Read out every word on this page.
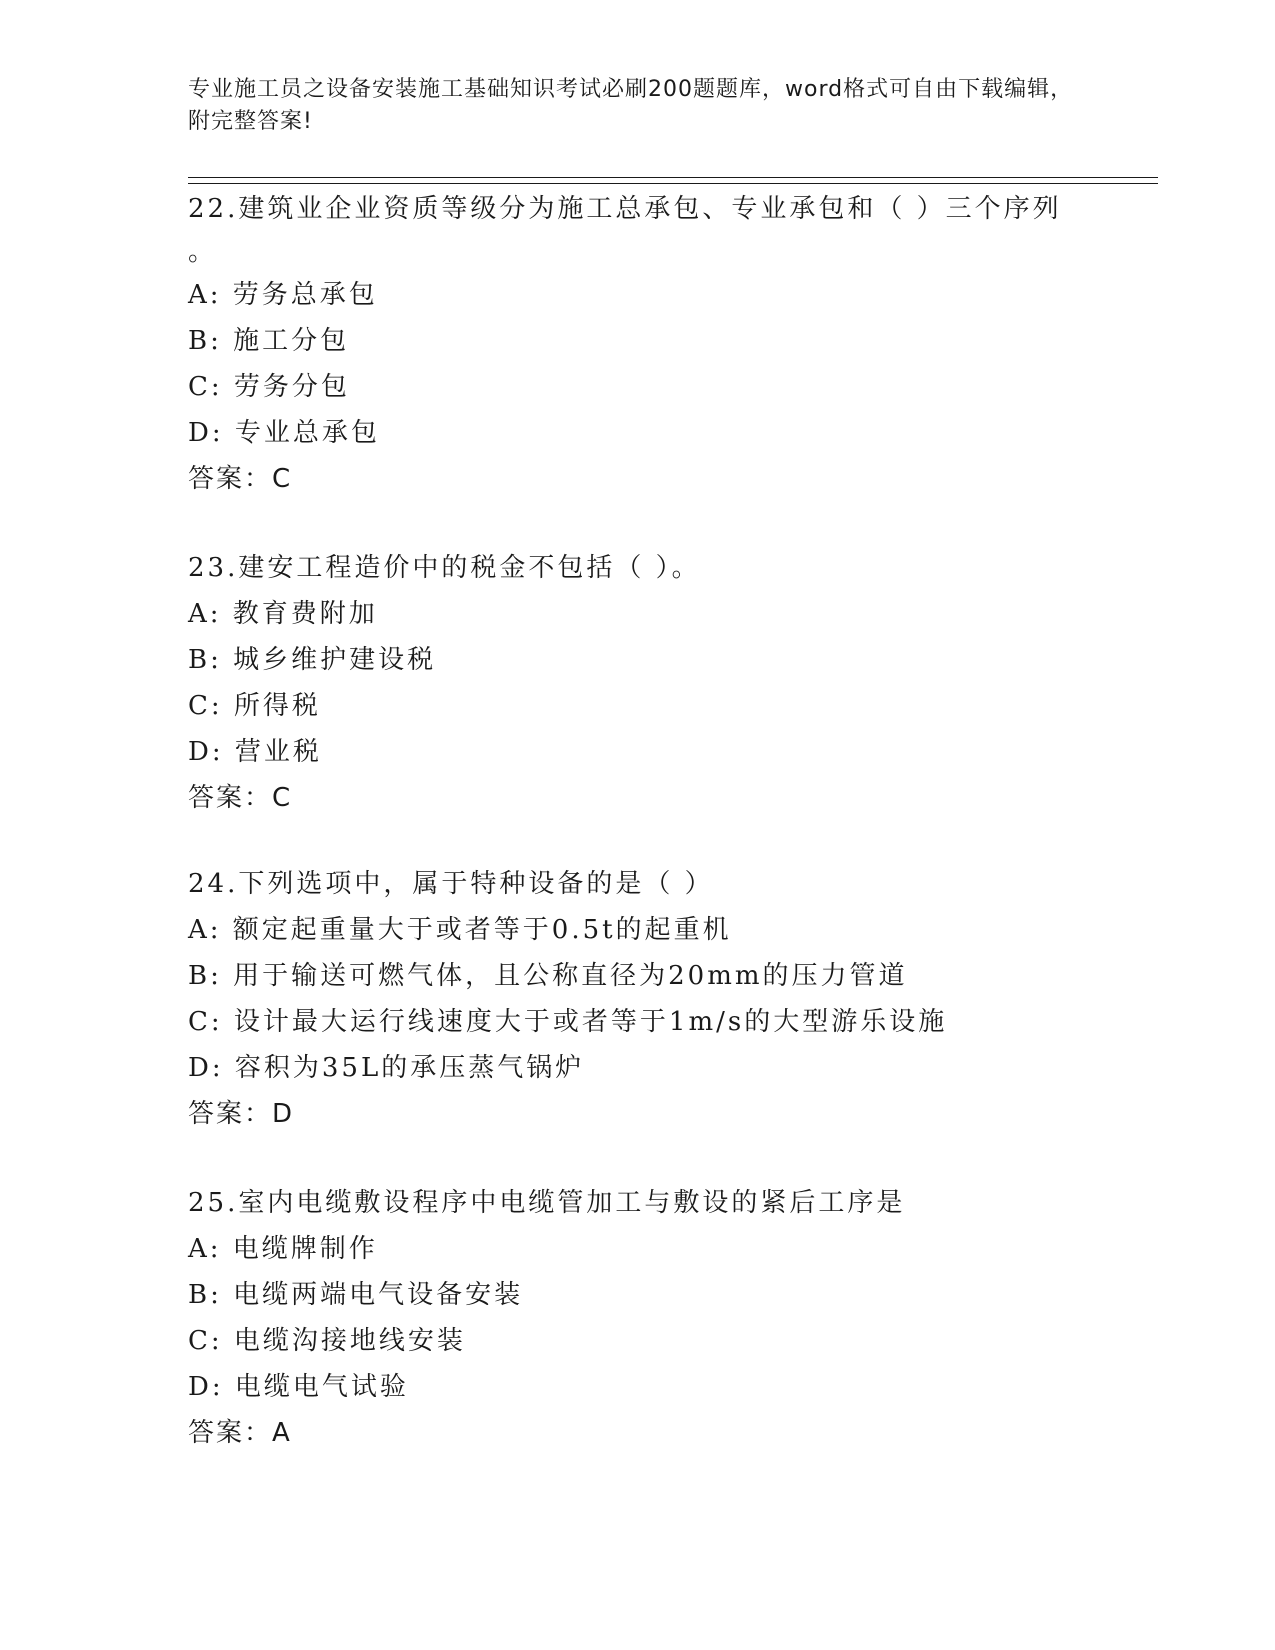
专业施工员之设备安装施工基础知识考试必刷200题题库，word格式可自由下载编辑，附完整答案!

22.建筑业企业资质等级分为施工总承包、专业承包和（ ）三个序列

。

A: 劳务总承包

B: 施工分包

C: 劳务分包

D: 专业总承包

答案：C

23.建安工程造价中的税金不包括（ ）。

A: 教育费附加

B: 城乡维护建设税

C: 所得税

D: 营业税

答案：C

24.下列选项中，属于特种设备的是（ ）

A: 额定起重量大于或者等于0.5t的起重机

B: 用于输送可燃气体，且公称直径为20mm的压力管道

C: 设计最大运行线速度大于或者等于1m/s的大型游乐设施

D: 容积为35L的承压蒸气锅炉

答案：D

25.室内电缆敷设程序中电缆管加工与敷设的紧后工序是

A: 电缆牌制作

B: 电缆两端电气设备安装

C: 电缆沟接地线安装

D: 电缆电气试验

答案：A
